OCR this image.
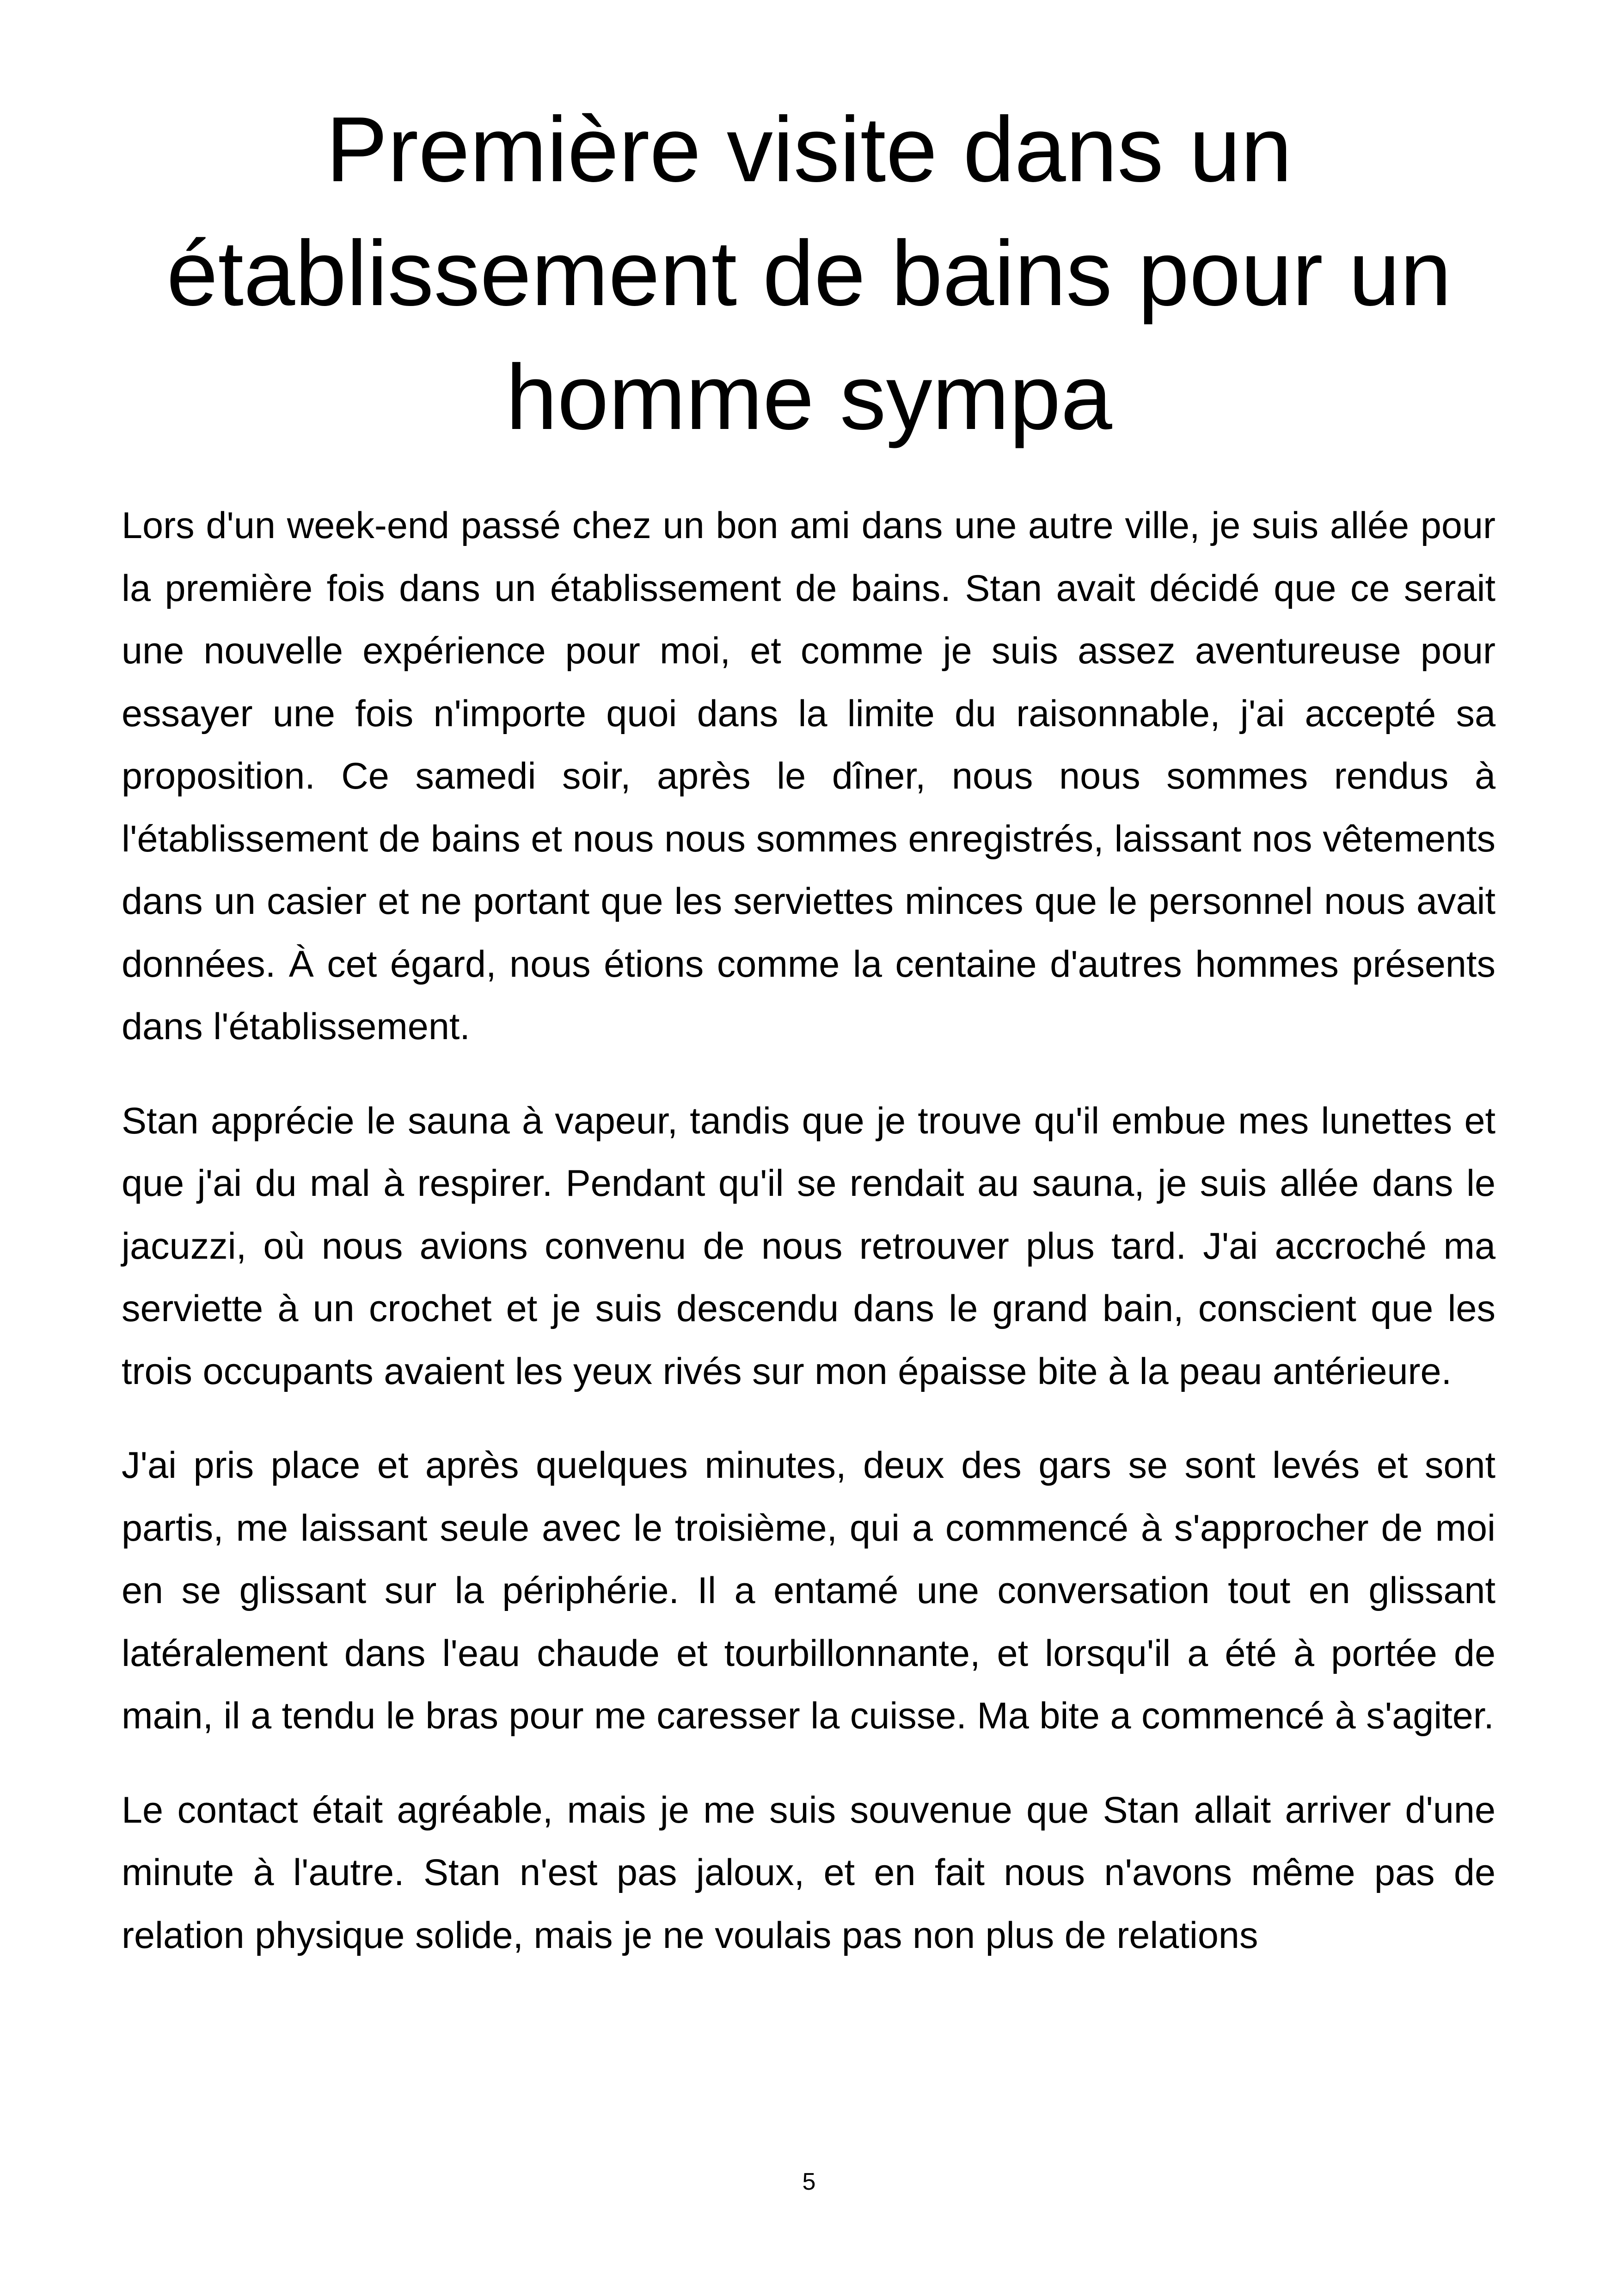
Première visite dans un établissement de bains pour un homme sympa

Lors d'un week-end passé chez un bon ami dans une autre ville, je suis allée pour la première fois dans un établissement de bains. Stan avait décidé que ce serait une nouvelle expérience pour moi, et comme je suis assez aventureuse pour essayer une fois n'importe quoi dans la limite du raisonnable, j'ai accepté sa proposition. Ce samedi soir, après le dîner, nous nous sommes rendus à l'établissement de bains et nous nous sommes enregistrés, laissant nos vêtements dans un casier et ne portant que les serviettes minces que le personnel nous avait données. À cet égard, nous étions comme la centaine d'autres hommes présents dans l'établissement.

Stan apprécie le sauna à vapeur, tandis que je trouve qu'il embue mes lunettes et que j'ai du mal à respirer. Pendant qu'il se rendait au sauna, je suis allée dans le jacuzzi, où nous avions convenu de nous retrouver plus tard. J'ai accroché ma serviette à un crochet et je suis descendu dans le grand bain, conscient que les trois occupants avaient les yeux rivés sur mon épaisse bite à la peau antérieure.

J'ai pris place et après quelques minutes, deux des gars se sont levés et sont partis, me laissant seule avec le troisième, qui a commencé à s'approcher de moi en se glissant sur la périphérie. Il a entamé une conversation tout en glissant latéralement dans l'eau chaude et tourbillonnante, et lorsqu'il a été à portée de main, il a tendu le bras pour me caresser la cuisse. Ma bite a commencé à s'agiter.

Le contact était agréable, mais je me suis souvenue que Stan allait arriver d'une minute à l'autre. Stan n'est pas jaloux, et en fait nous n'avons même pas de relation physique solide, mais je ne voulais pas non plus de relations

5
